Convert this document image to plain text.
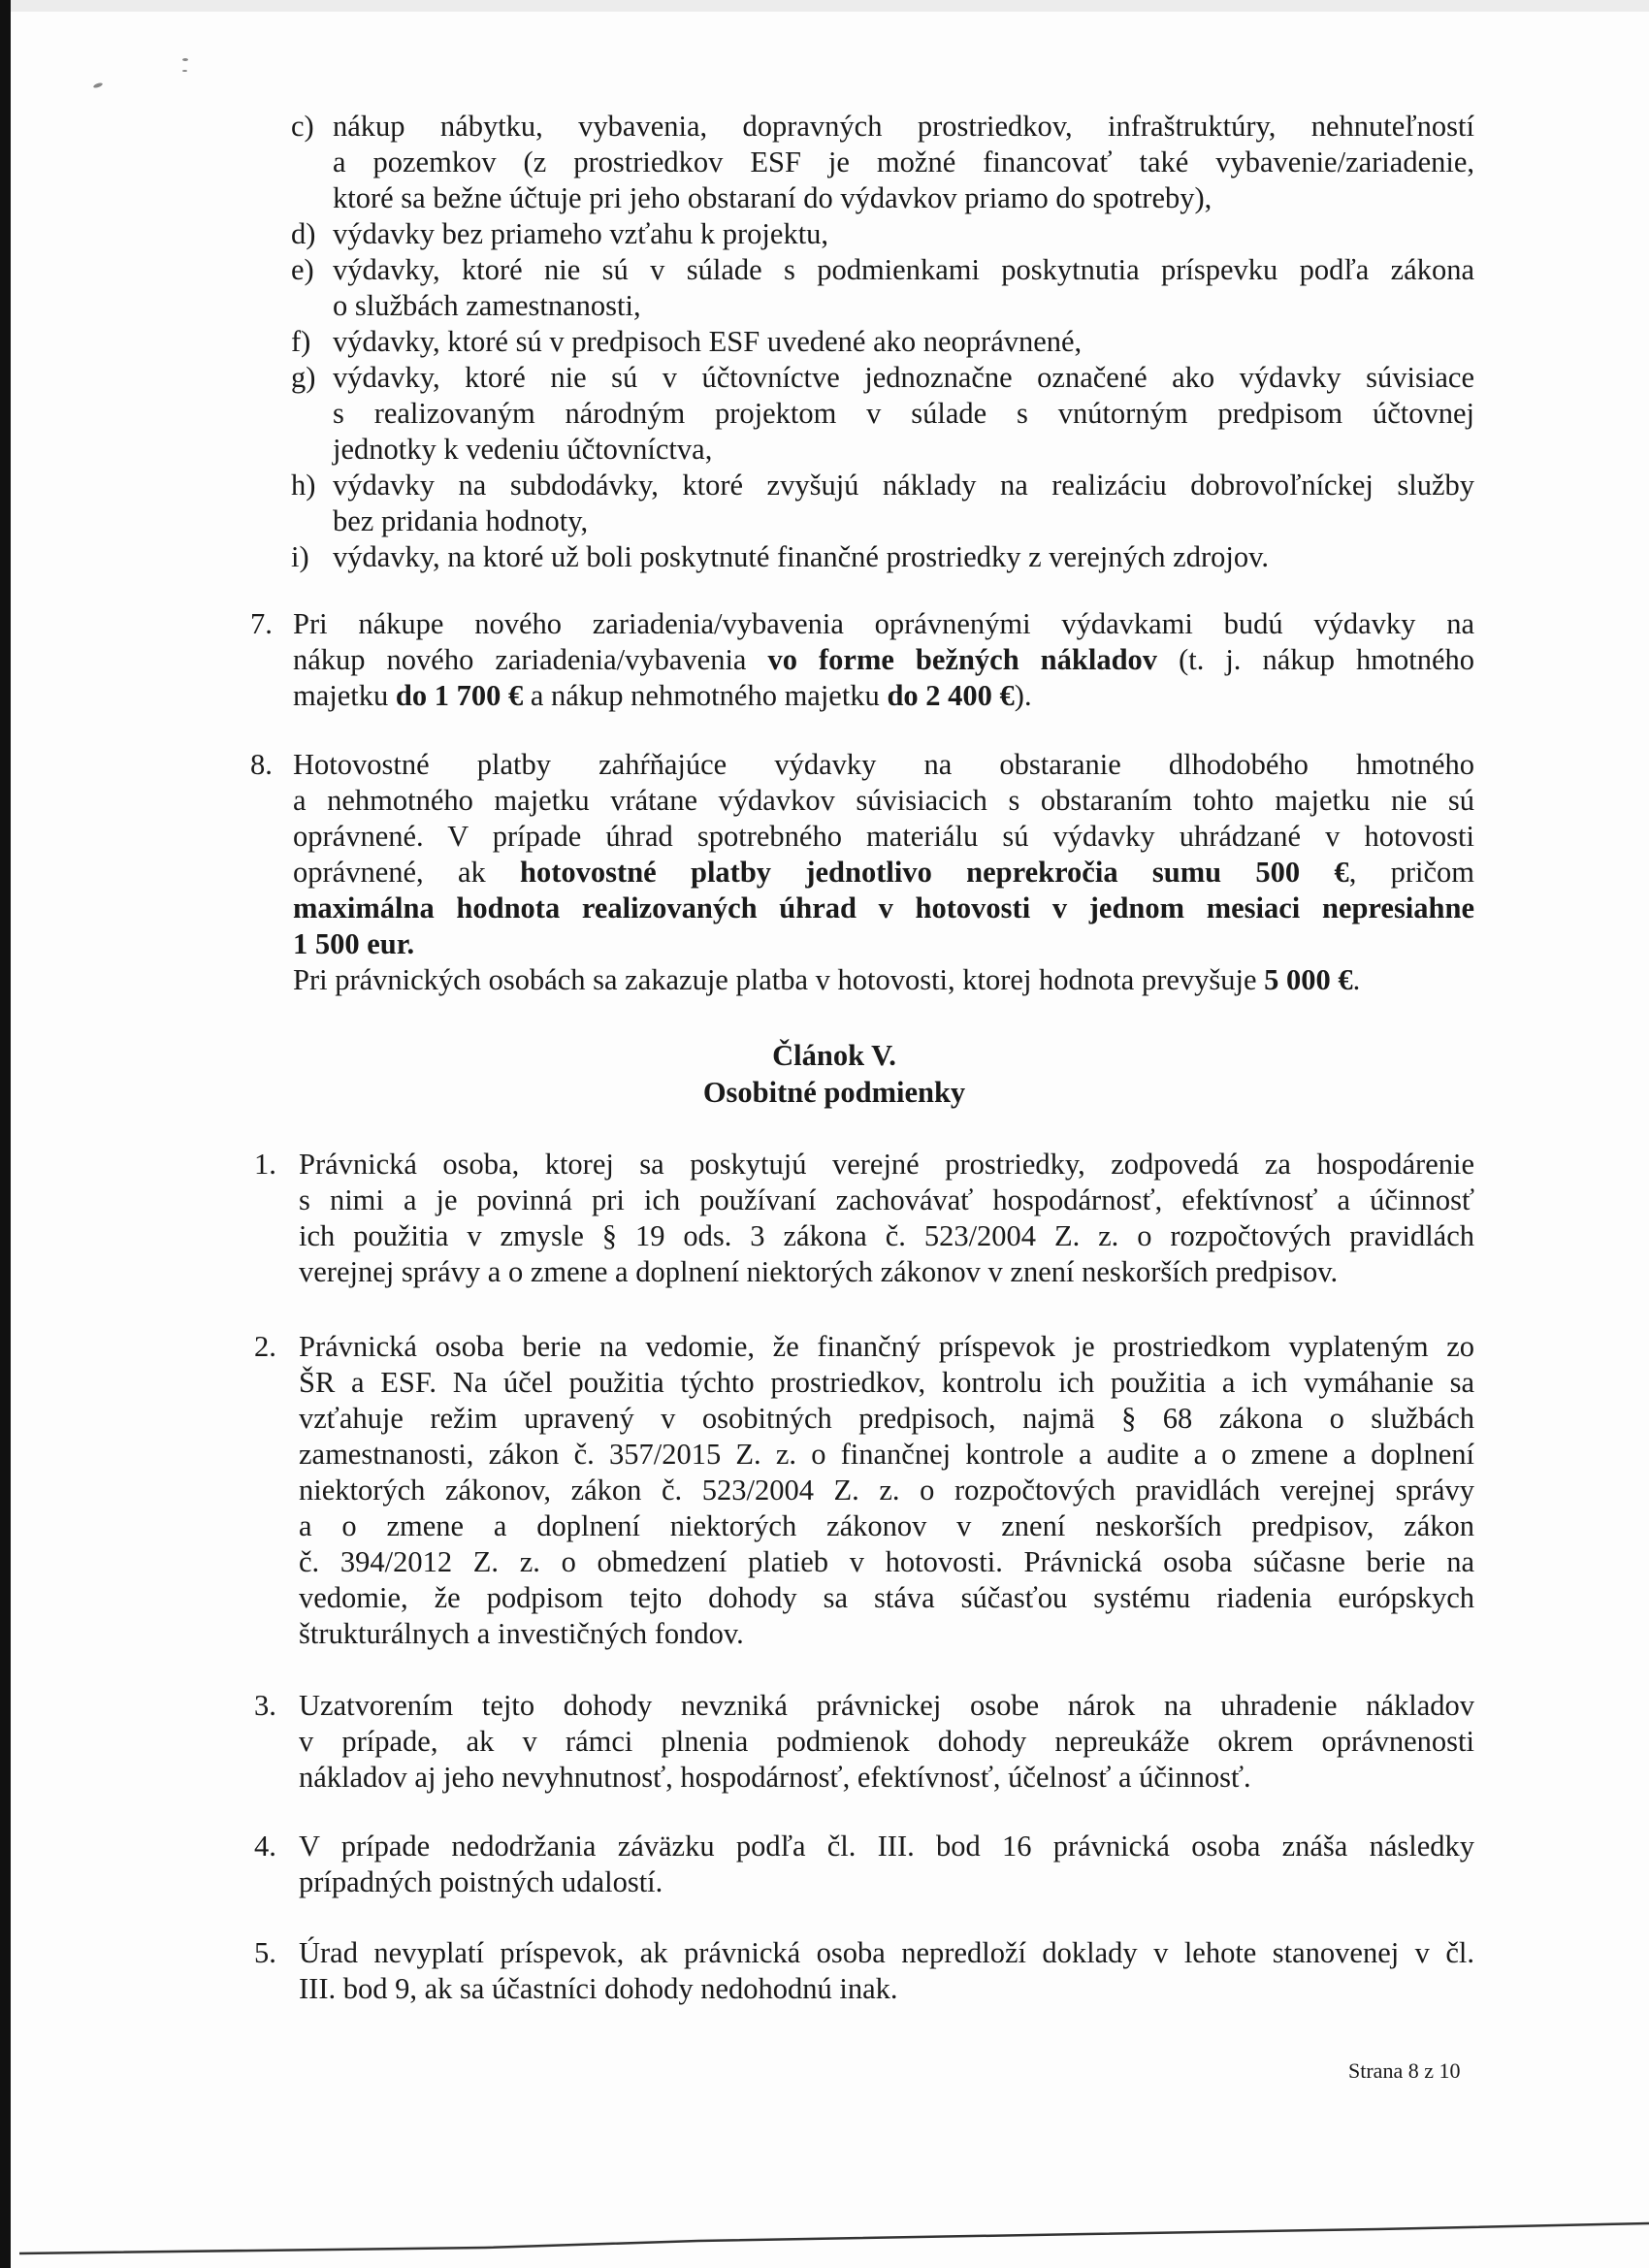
c) nákup nábytku, vybavenia, dopravných prostriedkov, infraštruktúry, nehnuteľností
a pozemkov (z prostriedkov ESF je možné financovať také vybavenie/zariadenie,
ktoré sa bežne účtuje pri jeho obstaraní do výdavkov priamo do spotreby),
d) výdavky bez priameho vzťahu k projektu,
e) výdavky, ktoré nie sú v súlade s podmienkami poskytnutia príspevku podľa zákona
o službách zamestnanosti,
f) výdavky, ktoré sú v predpisoch ESF uvedené ako neoprávnené,
g) výdavky, ktoré nie sú v účtovníctve jednoznačne označené ako výdavky súvisiace
s realizovaným národným projektom v súlade s vnútorným predpisom účtovnej
jednotky k vedeniu účtovníctva,
h) výdavky na subdodávky, ktoré zvyšujú náklady na realizáciu dobrovoľníckej služby
bez pridania hodnoty,
i) výdavky, na ktoré už boli poskytnuté finančné prostriedky z verejných zdrojov.
7. Pri nákupe nového zariadenia/vybavenia oprávnenými výdavkami budú výdavky na
nákup nového zariadenia/vybavenia vo forme bežných nákladov (t. j. nákup hmotného
majetku do 1 700 € a nákup nehmotného majetku do 2 400 €).
8. Hotovostné platby zahŕňajúce výdavky na obstaranie dlhodobého hmotného
a nehmotného majetku vrátane výdavkov súvisiacich s obstaraním tohto majetku nie sú
oprávnené. V prípade úhrad spotrebného materiálu sú výdavky uhrádzané v hotovosti
oprávnené, ak hotovostné platby jednotlivo neprekročia sumu 500 €, pričom
maximálna hodnota realizovaných úhrad v hotovosti v jednom mesiaci nepresiahne
1 500 eur.
Pri právnických osobách sa zakazuje platba v hotovosti, ktorej hodnota prevyšuje 5 000 €.
Článok V.
Osobitné podmienky
1. Právnická osoba, ktorej sa poskytujú verejné prostriedky, zodpovedá za hospodárenie
s nimi a je povinná pri ich používaní zachovávať hospodárnosť, efektívnosť a účinnosť
ich použitia v zmysle § 19 ods. 3 zákona č. 523/2004 Z. z. o rozpočtových pravidlách
verejnej správy a o zmene a doplnení niektorých zákonov v znení neskorších predpisov.
2. Právnická osoba berie na vedomie, že finančný príspevok je prostriedkom vyplateným zo
ŠR a ESF. Na účel použitia týchto prostriedkov, kontrolu ich použitia a ich vymáhanie sa
vzťahuje režim upravený v osobitných predpisoch, najmä § 68 zákona o službách
zamestnanosti, zákon č. 357/2015 Z. z. o finančnej kontrole a audite a o zmene a doplnení
niektorých zákonov, zákon č. 523/2004 Z. z. o rozpočtových pravidlách verejnej správy
a o zmene a doplnení niektorých zákonov v znení neskorších predpisov, zákon
č. 394/2012 Z. z. o obmedzení platieb v hotovosti. Právnická osoba súčasne berie na
vedomie, že podpisom tejto dohody sa stáva súčasťou systému riadenia európskych
štrukturálnych a investičných fondov.
3. Uzatvorením tejto dohody nevzniká právnickej osobe nárok na uhradenie nákladov
v prípade, ak v rámci plnenia podmienok dohody nepreukáže okrem oprávnenosti
nákladov aj jeho nevyhnutnosť, hospodárnosť, efektívnosť, účelnosť a účinnosť.
4. V prípade nedodržania záväzku podľa čl. III. bod 16 právnická osoba znáša následky
prípadných poistných udalostí.
5. Úrad nevyplatí príspevok, ak právnická osoba nepredloží doklady v lehote stanovenej v čl.
III. bod 9, ak sa účastníci dohody nedohodnú inak.
Strana 8 z 10
